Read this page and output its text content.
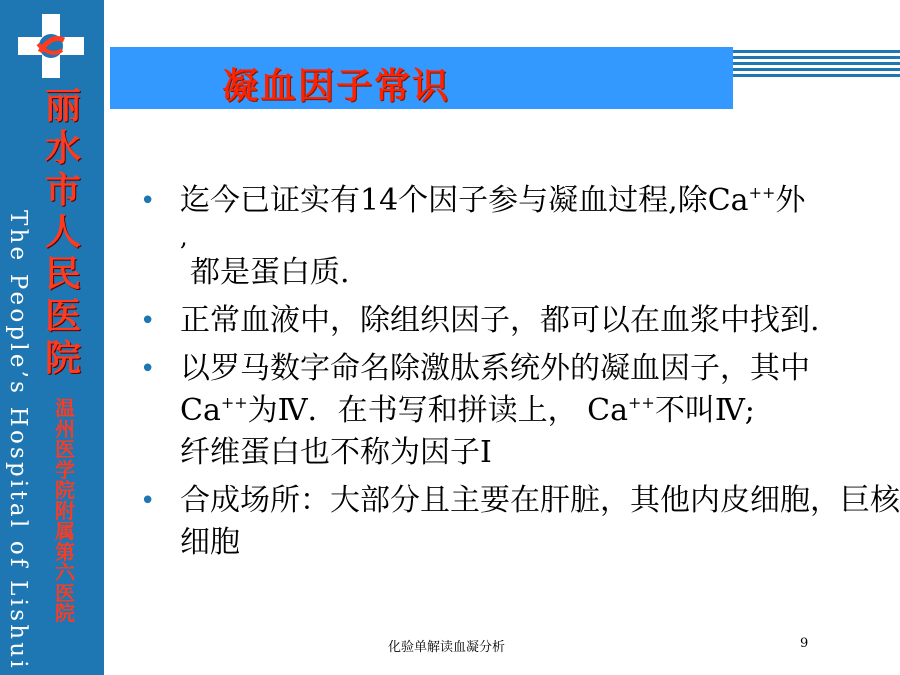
丽
水
市
人
民
医
院
The People’s Hospital of Lishui 温
州
医
学
院
附
属
第
六
医
院
凝血因子常识
• 迄今已证实有14个因子参与凝血过程,除Ca++外
,
都是蛋白质.
• 正常血液中，除组织因子，都可以在血浆中找到.
• 以罗马数字命名除激肽系统外的凝血因子，其中Ca++为Ⅳ．在书写和拼读上， Ca++不叫Ⅳ;
纤维蛋白也不称为因子Ⅰ
• 合成场所：大部分且主要在肝脏，其他内皮细胞，巨核细胞
化验单解读血凝分析	9
